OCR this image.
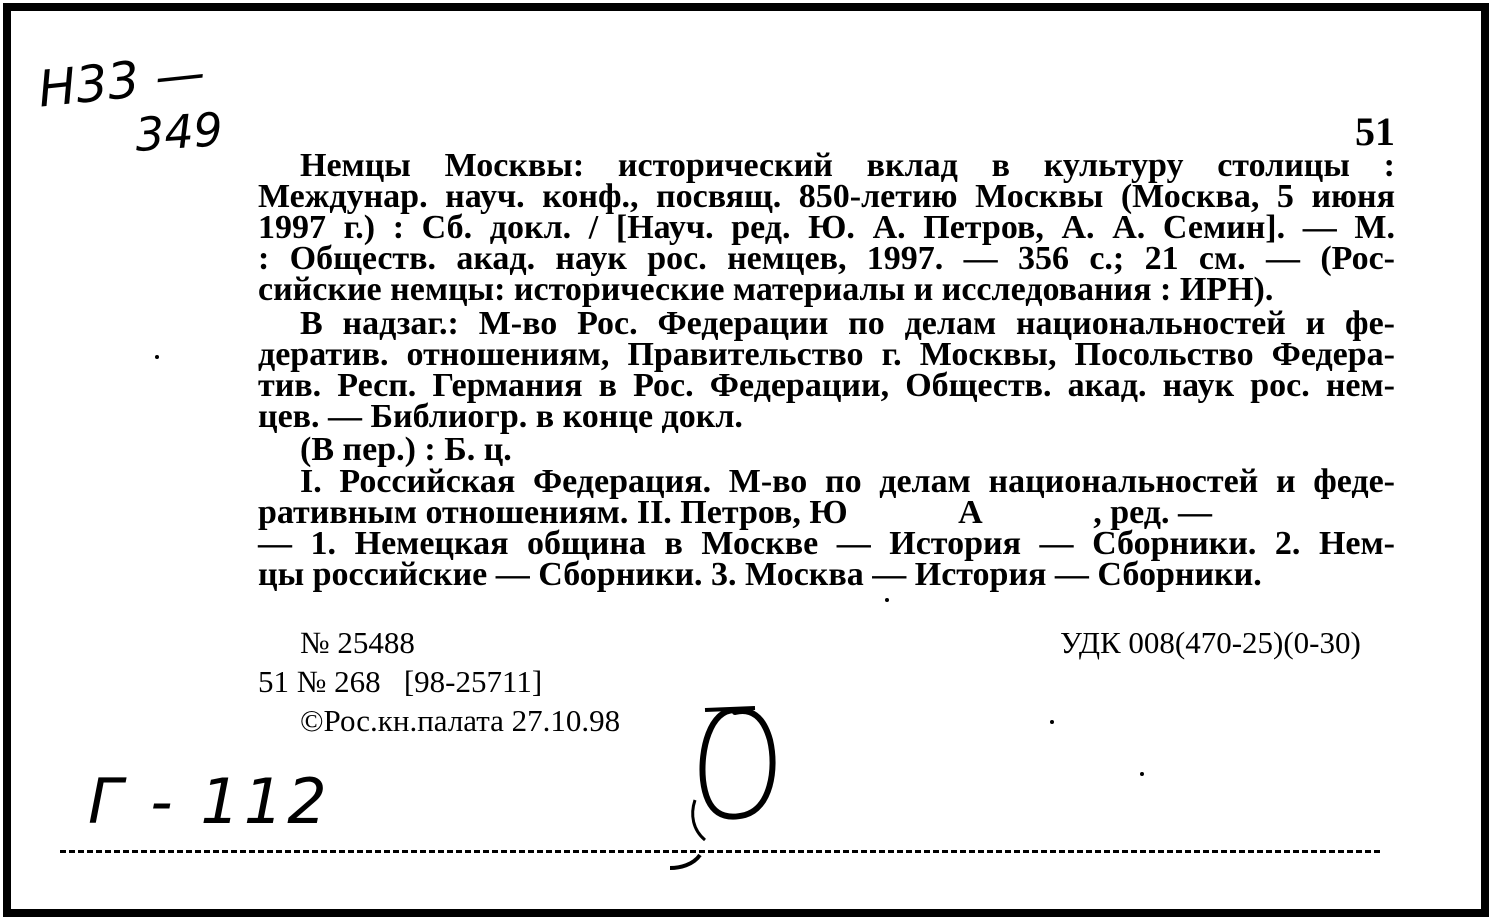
Н33 —
349
Г - 112
51
Немцы Москвы: исторический вклад в культуру столицы :
Междунар. науч. конф., посвящ. 850-летию Москвы (Москва, 5 июня
1997 г.) : Сб. докл. / [Науч. ред. Ю. А. Петров, А. А. Семин]. — М.
: Обществ. акад. наук рос. немцев, 1997. — 356 с.; 21 см. — (Рос-
сийские немцы: исторические материалы и исследования : ИРН).
В надзаг.: М-во Рос. Федерации по делам национальностей и фе-
дератив. отношениям, Правительство г. Москвы, Посольство Федера-
тив. Респ. Германия в Рос. Федерации, Обществ. акад. наук рос. нем-
цев. — Библиогр. в конце докл.
(В пер.) : Б. ц.
I. Российская Федерация. М-во по делам национальностей и феде-
ративным отношениям. II. Петров, Ю             А             , ред. —
— 1. Немецкая община в Москве — История — Сборники. 2. Нем-
цы российские — Сборники. 3. Москва — История — Сборники.
№ 25488	УДК 008(470-25)(0-30)
51 № 268   [98-25711]
©Рос.кн.палата 27.10.98
